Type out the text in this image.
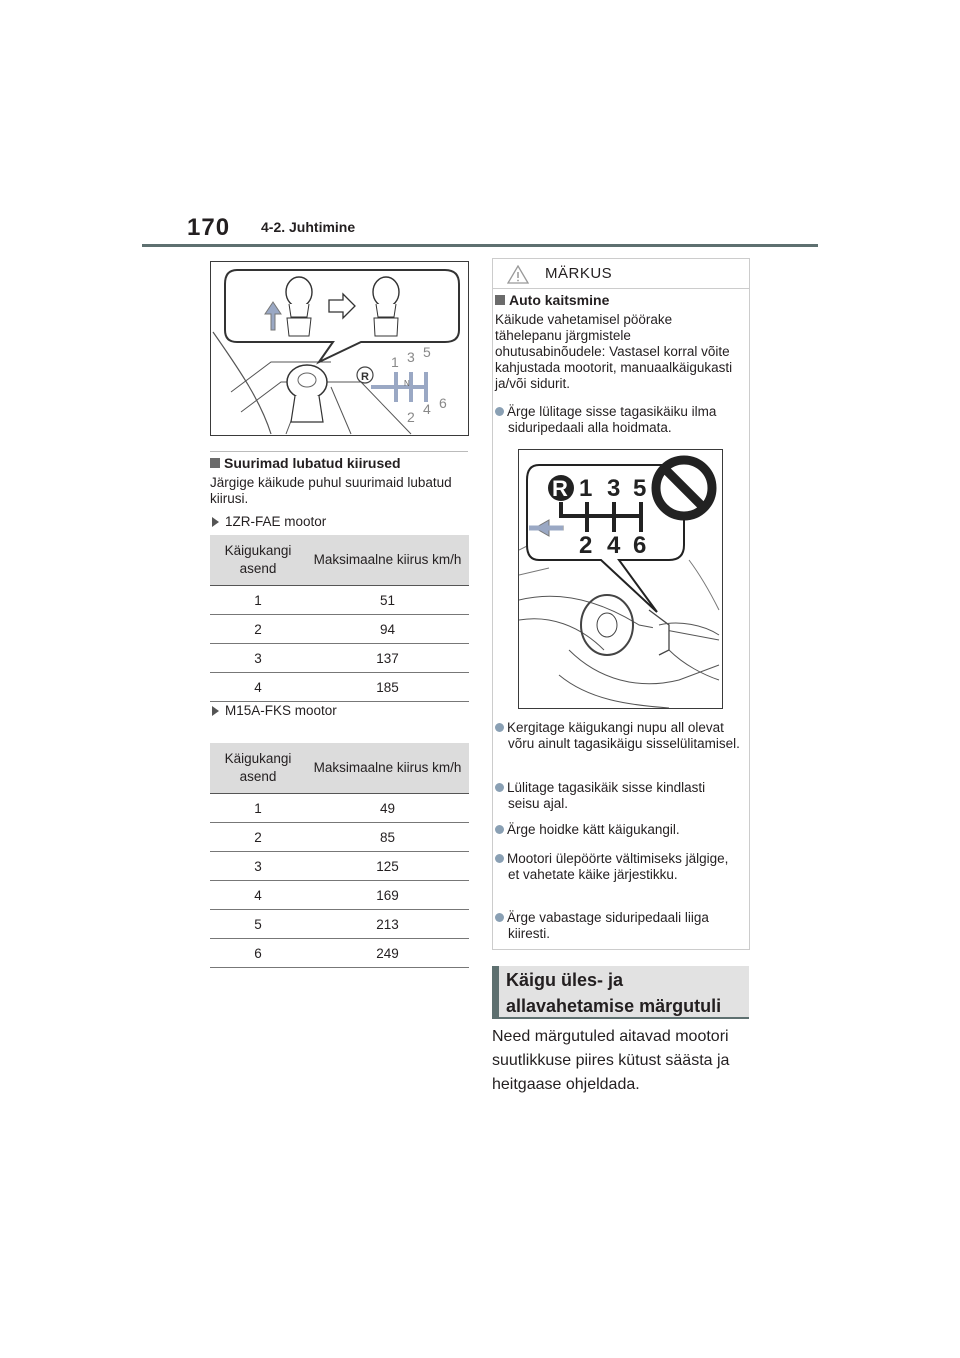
170 4-2. Juhtimine
R
1 3 5
N
2 4 6
Suurimad lubatud kiirused
Järgige käikude puhul suurimaid lubatud kiirusi.
1ZR-FAE mootor
Käigukangi asend	Maksimaalne kiirus km/h
1	51
2	94
3	137
4	185
M15A-FKS mootor
Käigukangi asend	Maksimaalne kiirus km/h
1	49
2	85
3	125
4	169
5	213
6	249
MÄRKUS
Auto kaitsmine
Käikude vahetamisel pöörake tähelepanu järgmistele ohutusabinõudele: Vastasel korral võite kahjustada mootorit, manuaalkäigukasti ja/või sidurit.
Ärge lülitage sisse tagasikäiku ilma siduripedaali alla hoidmata.
R 1 3 5
2 4 6
Kergitage käigukangi nupu all olevat võru ainult tagasikäigu sisselülitamisel.
Lülitage tagasikäik sisse kindlasti seisu ajal.
Ärge hoidke kätt käigukangil.
Mootori ülepöörte vältimiseks jälgige, et vahetate käike järjestikku.
Ärge vabastage siduripedaali liiga kiiresti.
Käigu üles- ja
allavahetamise märgutuli
Need märgutuled aitavad mootori suutlikkuse piires kütust säästa ja heitgaase ohjeldada.
